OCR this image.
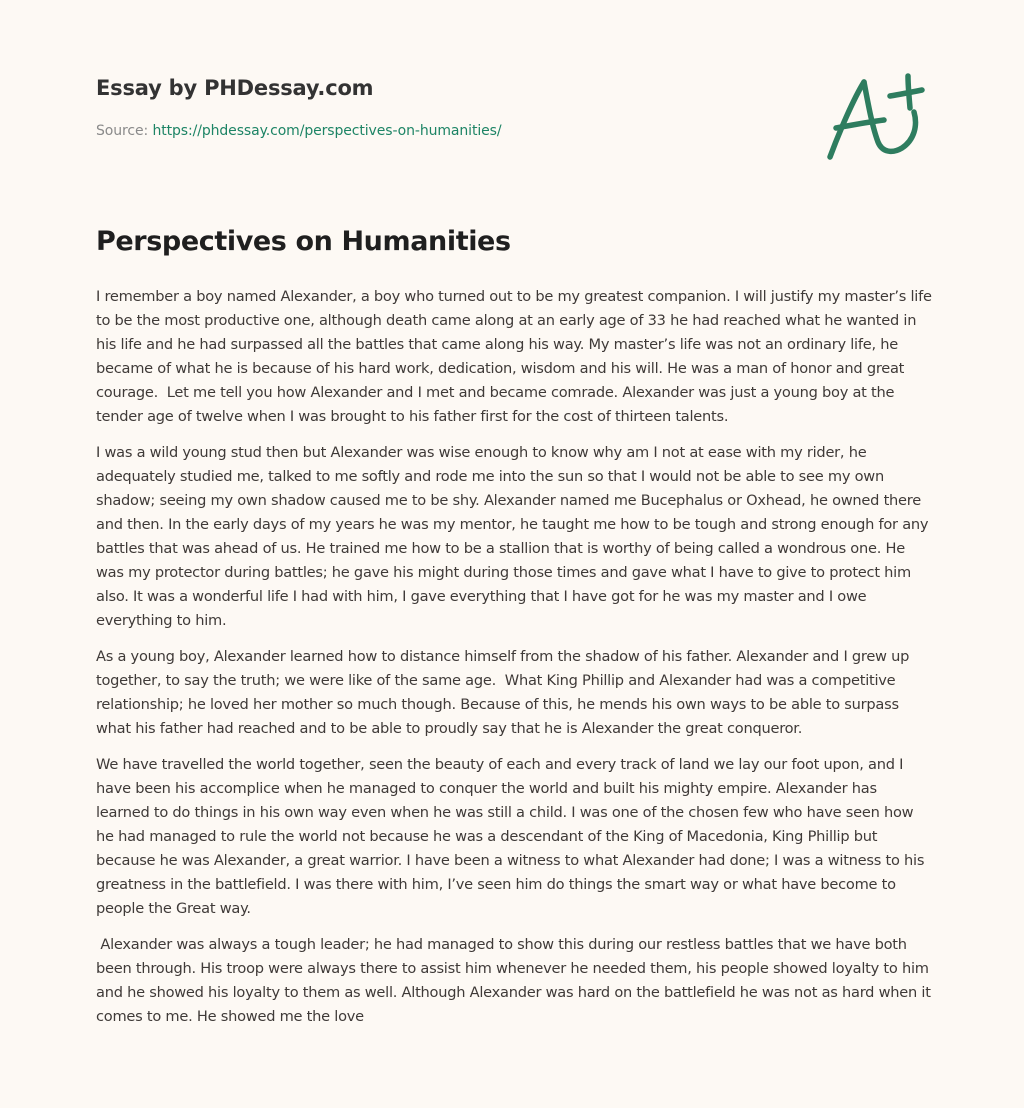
Essay by PHDessay.com
Source: https://phdessay.com/perspectives-on-humanities/
Perspectives on Humanities

I remember a boy named Alexander, a boy who turned out to be my greatest companion. I will justify my master’s life to be the most productive one, although death came along at an early age of 33 he had reached what he wanted in his life and he had surpassed all the battles that came along his way. My master’s life was not an ordinary life, he became of what he is because of his hard work, dedication, wisdom and his will. He was a man of honor and great courage.  Let me tell you how Alexander and I met and became comrade. Alexander was just a young boy at the tender age of twelve when I was brought to his father first for the cost of thirteen talents.

I was a wild young stud then but Alexander was wise enough to know why am I not at ease with my rider, he adequately studied me, talked to me softly and rode me into the sun so that I would not be able to see my own shadow; seeing my own shadow caused me to be shy. Alexander named me Bucephalus or Oxhead, he owned there and then. In the early days of my years he was my mentor, he taught me how to be tough and strong enough for any battles that was ahead of us. He trained me how to be a stallion that is worthy of being called a wondrous one. He was my protector during battles; he gave his might during those times and gave what I have to give to protect him also. It was a wonderful life I had with him, I gave everything that I have got for he was my master and I owe everything to him.

As a young boy, Alexander learned how to distance himself from the shadow of his father. Alexander and I grew up together, to say the truth; we were like of the same age.  What King Phillip and Alexander had was a competitive relationship; he loved her mother so much though. Because of this, he mends his own ways to be able to surpass what his father had reached and to be able to proudly say that he is Alexander the great conqueror.

We have travelled the world together, seen the beauty of each and every track of land we lay our foot upon, and I have been his accomplice when he managed to conquer the world and built his mighty empire. Alexander has learned to do things in his own way even when he was still a child. I was one of the chosen few who have seen how he had managed to rule the world not because he was a descendant of the King of Macedonia, King Phillip but because he was Alexander, a great warrior. I have been a witness to what Alexander had done; I was a witness to his greatness in the battlefield. I was there with him, I’ve seen him do things the smart way or what have become to people the Great way.

Alexander was always a tough leader; he had managed to show this during our restless battles that we have both been through. His troop were always there to assist him whenever he needed them, his people showed loyalty to him and he showed his loyalty to them as well. Although Alexander was hard on the battlefield he was not as hard when it comes to me. He showed me the love
